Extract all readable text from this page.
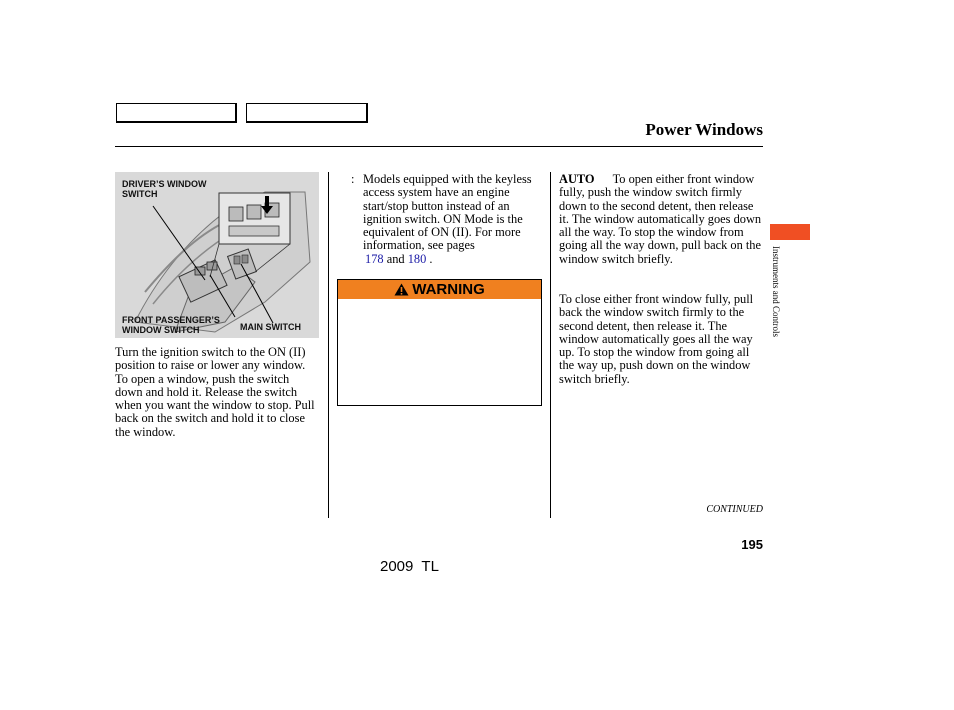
Power Windows
DRIVER’S WINDOW SWITCH
FRONT PASSENGER’S WINDOW SWITCH	MAIN SWITCH
Turn the ignition switch to the ON (II) position to raise or lower any window. To open a window, push the switch down and hold it. Release the switch when you want the window to stop. Pull back on the switch and hold it to close the window.
: Models equipped with the keyless access system have an engine start/stop button instead of an ignition switch. ON Mode is the equivalent of ON (II). For more information, see pages
178 and 180 .
WARNING
AUTO To open either front window fully, push the window switch firmly down to the second detent, then release it. The window automatically goes down all the way. To stop the window from going all the way down, pull back on the window switch briefly.
To close either front window fully, pull back the window switch firmly to the second detent, then release it. The window automatically goes all the way up. To stop the window from going all the way up, push down on the window switch briefly.
Instruments and Controls
CONTINUED
195
2009  TL
